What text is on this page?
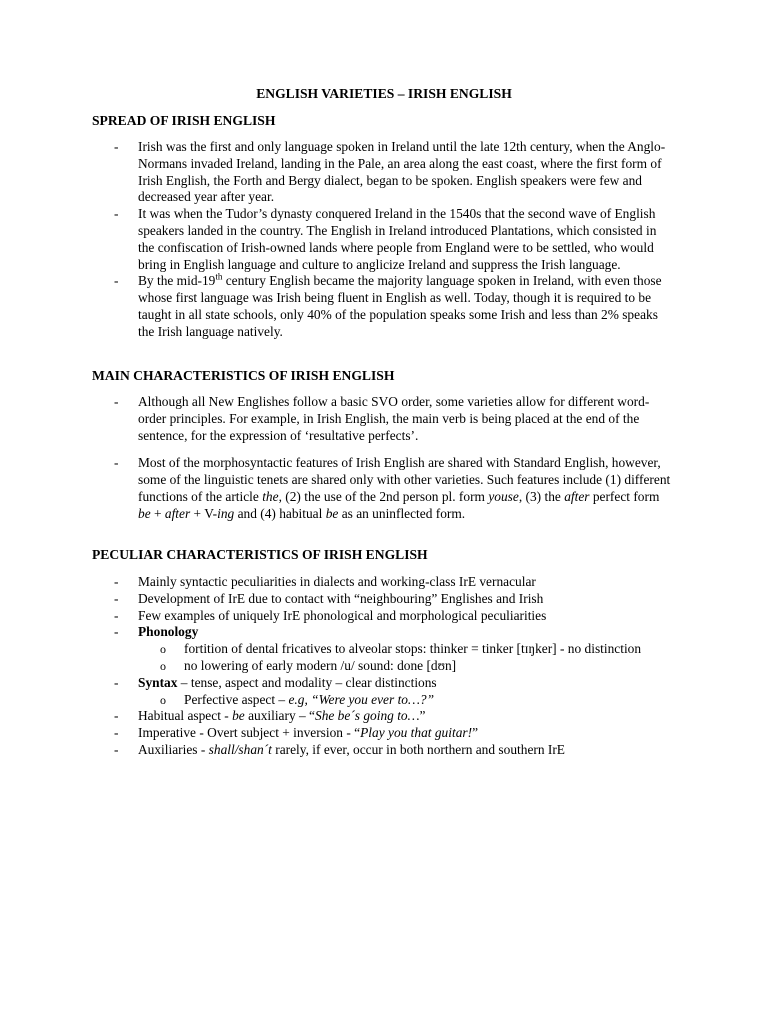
ENGLISH VARIETIES – IRISH ENGLISH
SPREAD OF IRISH ENGLISH
- Irish was the first and only language spoken in Ireland until the late 12th century, when the Anglo-Normans invaded Ireland, landing in the Pale, an area along the east coast, where the first form of Irish English, the Forth and Bergy dialect, began to be spoken. English speakers were few and decreased year after year.
- It was when the Tudor’s dynasty conquered Ireland in the 1540s that the second wave of English speakers landed in the country. The English in Ireland introduced Plantations, which consisted in the confiscation of Irish-owned lands where people from England were to be settled, who would bring in English language and culture to anglicize Ireland and suppress the Irish language.
- By the mid-19th century English became the majority language spoken in Ireland, with even those whose first language was Irish being fluent in English as well. Today, though it is required to be taught in all state schools, only 40% of the population speaks some Irish and less than 2% speaks the Irish language natively.
MAIN CHARACTERISTICS OF IRISH ENGLISH
- Although all New Englishes follow a basic SVO order, some varieties allow for different word-order principles. For example, in Irish English, the main verb is being placed at the end of the sentence, for the expression of ‘resultative perfects’.
- Most of the morphosyntactic features of Irish English are shared with Standard English, however, some of the linguistic tenets are shared only with other varieties. Such features include (1) different functions of the article the, (2) the use of the 2nd person pl. form youse, (3) the after perfect form be + after + V-ing and (4) habitual be as an uninflected form.
PECULIAR CHARACTERISTICS OF IRISH ENGLISH
- Mainly syntactic peculiarities in dialects and working-class IrE vernacular
- Development of IrE due to contact with “neighbouring” Englishes and Irish
- Few examples of uniquely IrE phonological and morphological peculiarities
- Phonology
o fortition of dental fricatives to alveolar stops: thinker = tinker [tɪŋker] - no distinction
o no lowering of early modern /u/ sound: done [dʊn]
- Syntax – tense, aspect and modality – clear distinctions
o Perfective aspect – e.g, “Were you ever to…?”
- Habitual aspect - be auxiliary – “She be´s going to…”
- Imperative - Overt subject + inversion - “Play you that guitar!”
- Auxiliaries - shall/shan´t rarely, if ever, occur in both northern and southern IrE
